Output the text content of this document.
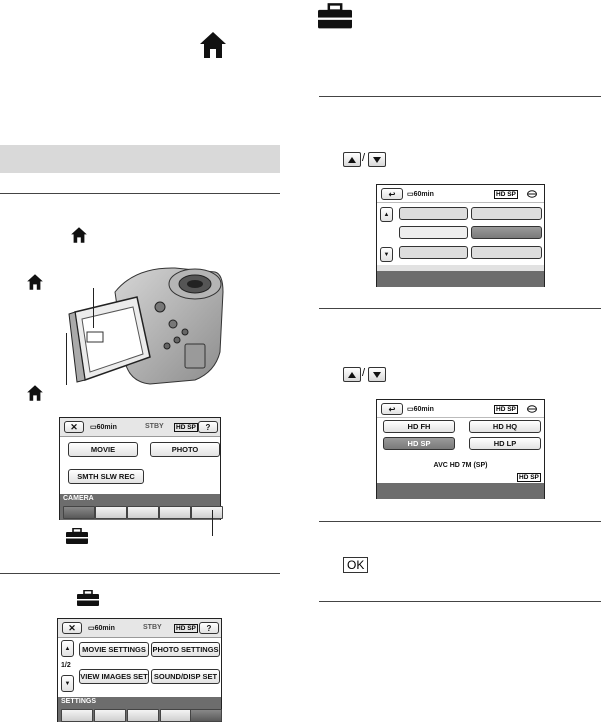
✕	▭60min	STBY	HD SP	?
MOVIE	PHOTO
SMTH SLW REC
CAMERA
✕	▭60min	STBY	HD SP	?
▲
1/2
▼
MOVIE SETTINGS PHOTO SETTINGS
VIEW IMAGES SET SOUND/DISP SET
SETTINGS
/
↩	▭60min	HD SP
▲
▼
/
↩	▭60min	HD SP
HD FH	HD HQ
HD SP	HD LP
AVC HD 7M (SP)
HD SP
OK
